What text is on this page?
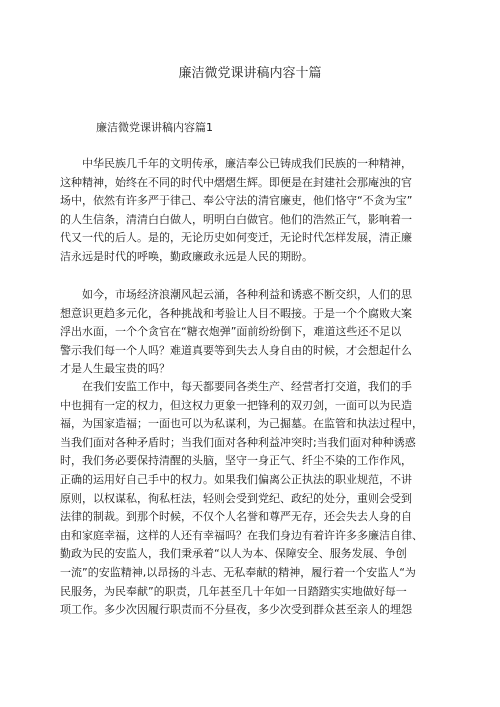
廉洁微党课讲稿内容十篇
廉洁微党课讲稿内容篇1
中华民族几千年的文明传承，廉洁奉公已铸成我们民族的一种精神，
这种精神，始终在不同的时代中熠熠生辉。即便是在封建社会那庵浊的官
场中，依然有许多严于律己、奉公守法的清官廉吏，他们恪守“不贪为宝”
的人生信条，清清白白做人，明明白白做官。他们的浩然正气，影响着一
代又一代的后人。是的，无论历史如何变迁，无论时代怎样发展，清正廉
洁永远是时代的呼唤，勤政廉政永远是人民的期盼。
如今，市场经济浪潮风起云涌，各种利益和诱惑不断交织，人们的思
想意识更趋多元化，各种挑战和考验让人目不暇接。于是一个个腐败大案
浮出水面，一个个贪官在“糖衣炮弹”面前纷纷倒下，难道这些还不足以
警示我们每一个人吗？难道真要等到失去人身自由的时候，才会想起什么
才是人生最宝贵的吗？
在我们安监工作中，每天都要同各类生产、经营者打交道，我们的手
中也拥有一定的权力，但这权力更象一把锋利的双刃剑，一面可以为民造
福，为国家造福；一面也可以为私谋利，为己掘墓。在监管和执法过程中，
当我们面对各种矛盾时；当我们面对各种利益冲突时;当我们面对种种诱惑
时，我们务必要保持清醒的头脑，坚守一身正气、纤尘不染的工作作风，
正确的运用好自己手中的权力。如果我们偏离公正执法的职业规范，不讲
原则，以权谋私，徇私枉法，轻则会受到党纪、政纪的处分，重则会受到
法律的制裁。到那个时候，不仅个人名誉和尊严无存，还会失去人身的自
由和家庭幸福，这样的人还有幸福吗？在我们身边有着许许多多廉洁自律、
勤政为民的安监人，我们秉承着“以人为本、保障安全、服务发展、争创
一流”的安监精神,以昂扬的斗志、无私奉献的精神，履行着一个安监人“为
民服务，为民奉献”的职责，几年甚至几十年如一日踏踏实实地做好每一
项工作。多少次因履行职责而不分昼夜，多少次受到群众甚至亲人的埋怨
